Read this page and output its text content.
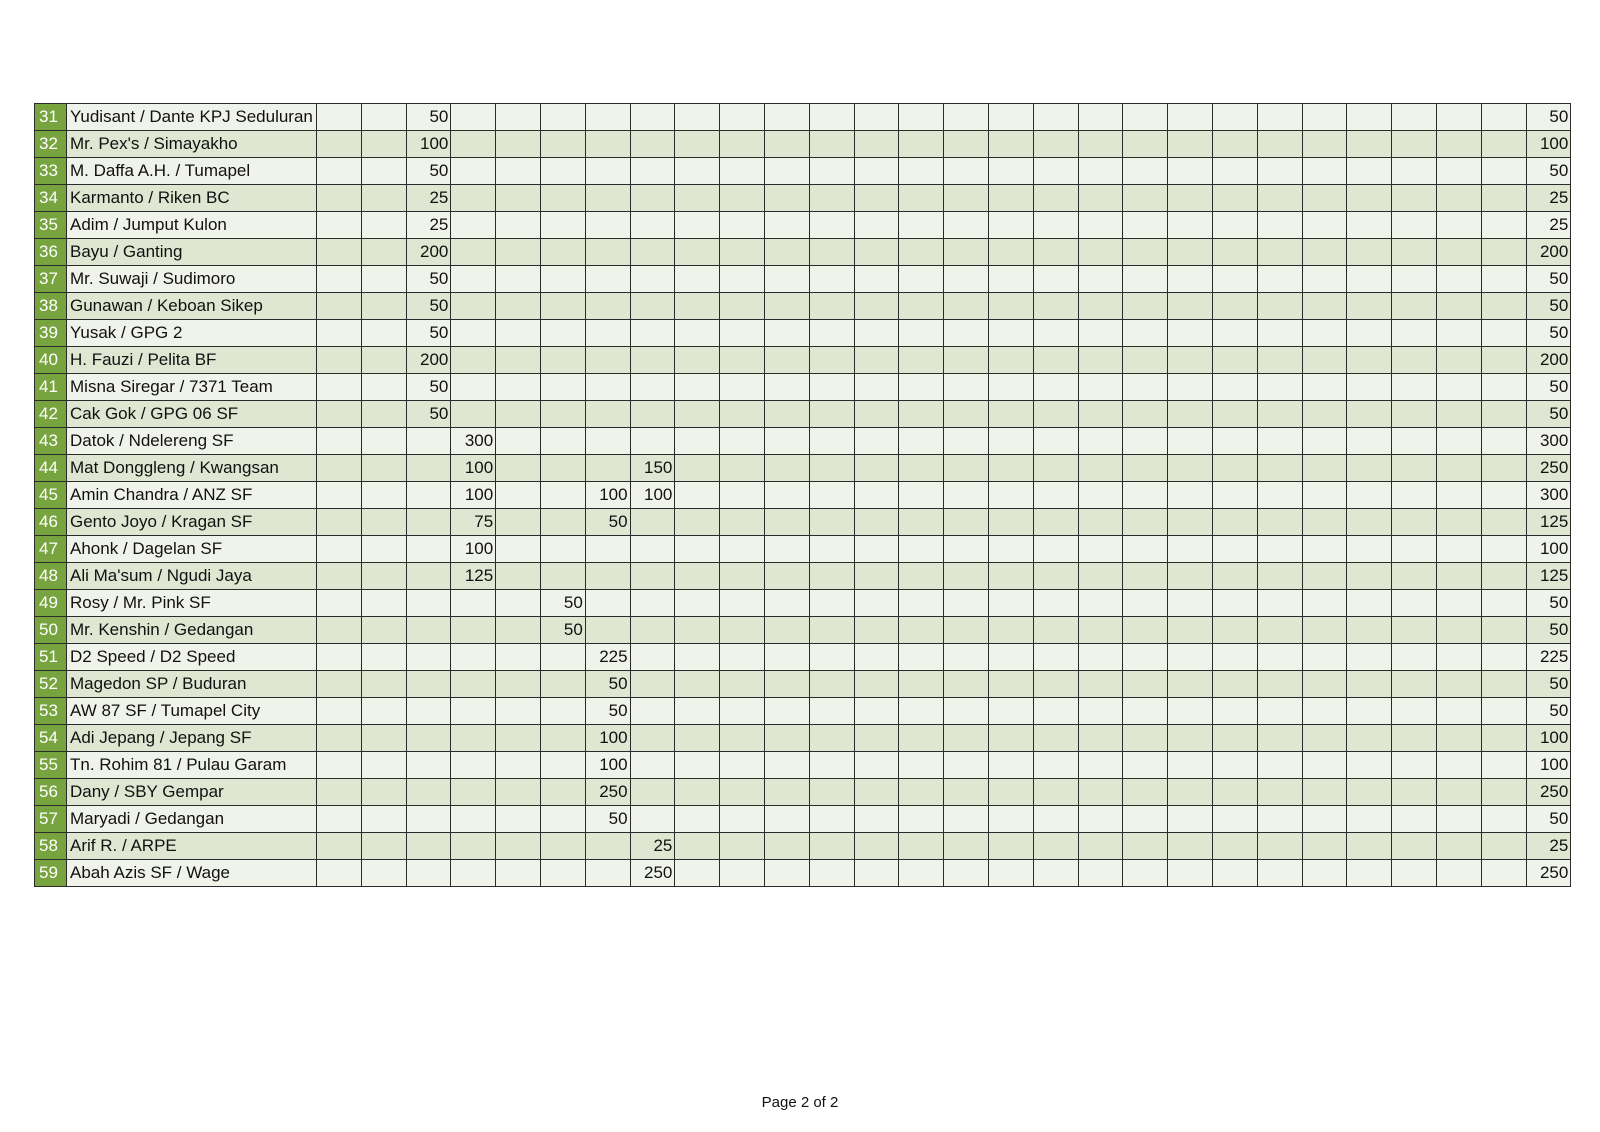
31	Yudisant / Dante KPJ Seduluran			50																									50
32	Mr. Pex's / Simayakho			100																									100
33	M. Daffa A.H. / Tumapel			50																									50
34	Karmanto / Riken BC			25																									25
35	Adim / Jumput Kulon			25																									25
36	Bayu / Ganting			200																									200
37	Mr. Suwaji / Sudimoro			50																									50
38	Gunawan / Keboan Sikep			50																									50
39	Yusak / GPG 2			50																									50
40	H. Fauzi / Pelita BF			200																									200
41	Misna Siregar / 7371 Team			50																									50
42	Cak Gok / GPG 06 SF			50																									50
43	Datok / Ndelereng SF				300																								300
44	Mat Donggleng / Kwangsan				100				150																				250
45	Amin Chandra / ANZ SF				100			100	100																				300
46	Gento Joyo / Kragan SF				75			50																					125
47	Ahonk / Dagelan SF				100																								100
48	Ali Ma'sum / Ngudi Jaya				125																								125
49	Rosy / Mr. Pink SF						50																						50
50	Mr. Kenshin / Gedangan						50																						50
51	D2 Speed / D2 Speed							225																					225
52	Magedon SP / Buduran							50																					50
53	AW 87 SF / Tumapel City							50																					50
54	Adi Jepang / Jepang SF							100																					100
55	Tn. Rohim 81 / Pulau Garam							100																					100
56	Dany / SBY Gempar							250																					250
57	Maryadi / Gedangan							50																					50
58	Arif R. / ARPE								25																				25
59	Abah Azis SF / Wage								250																				250
Page 2 of 2
